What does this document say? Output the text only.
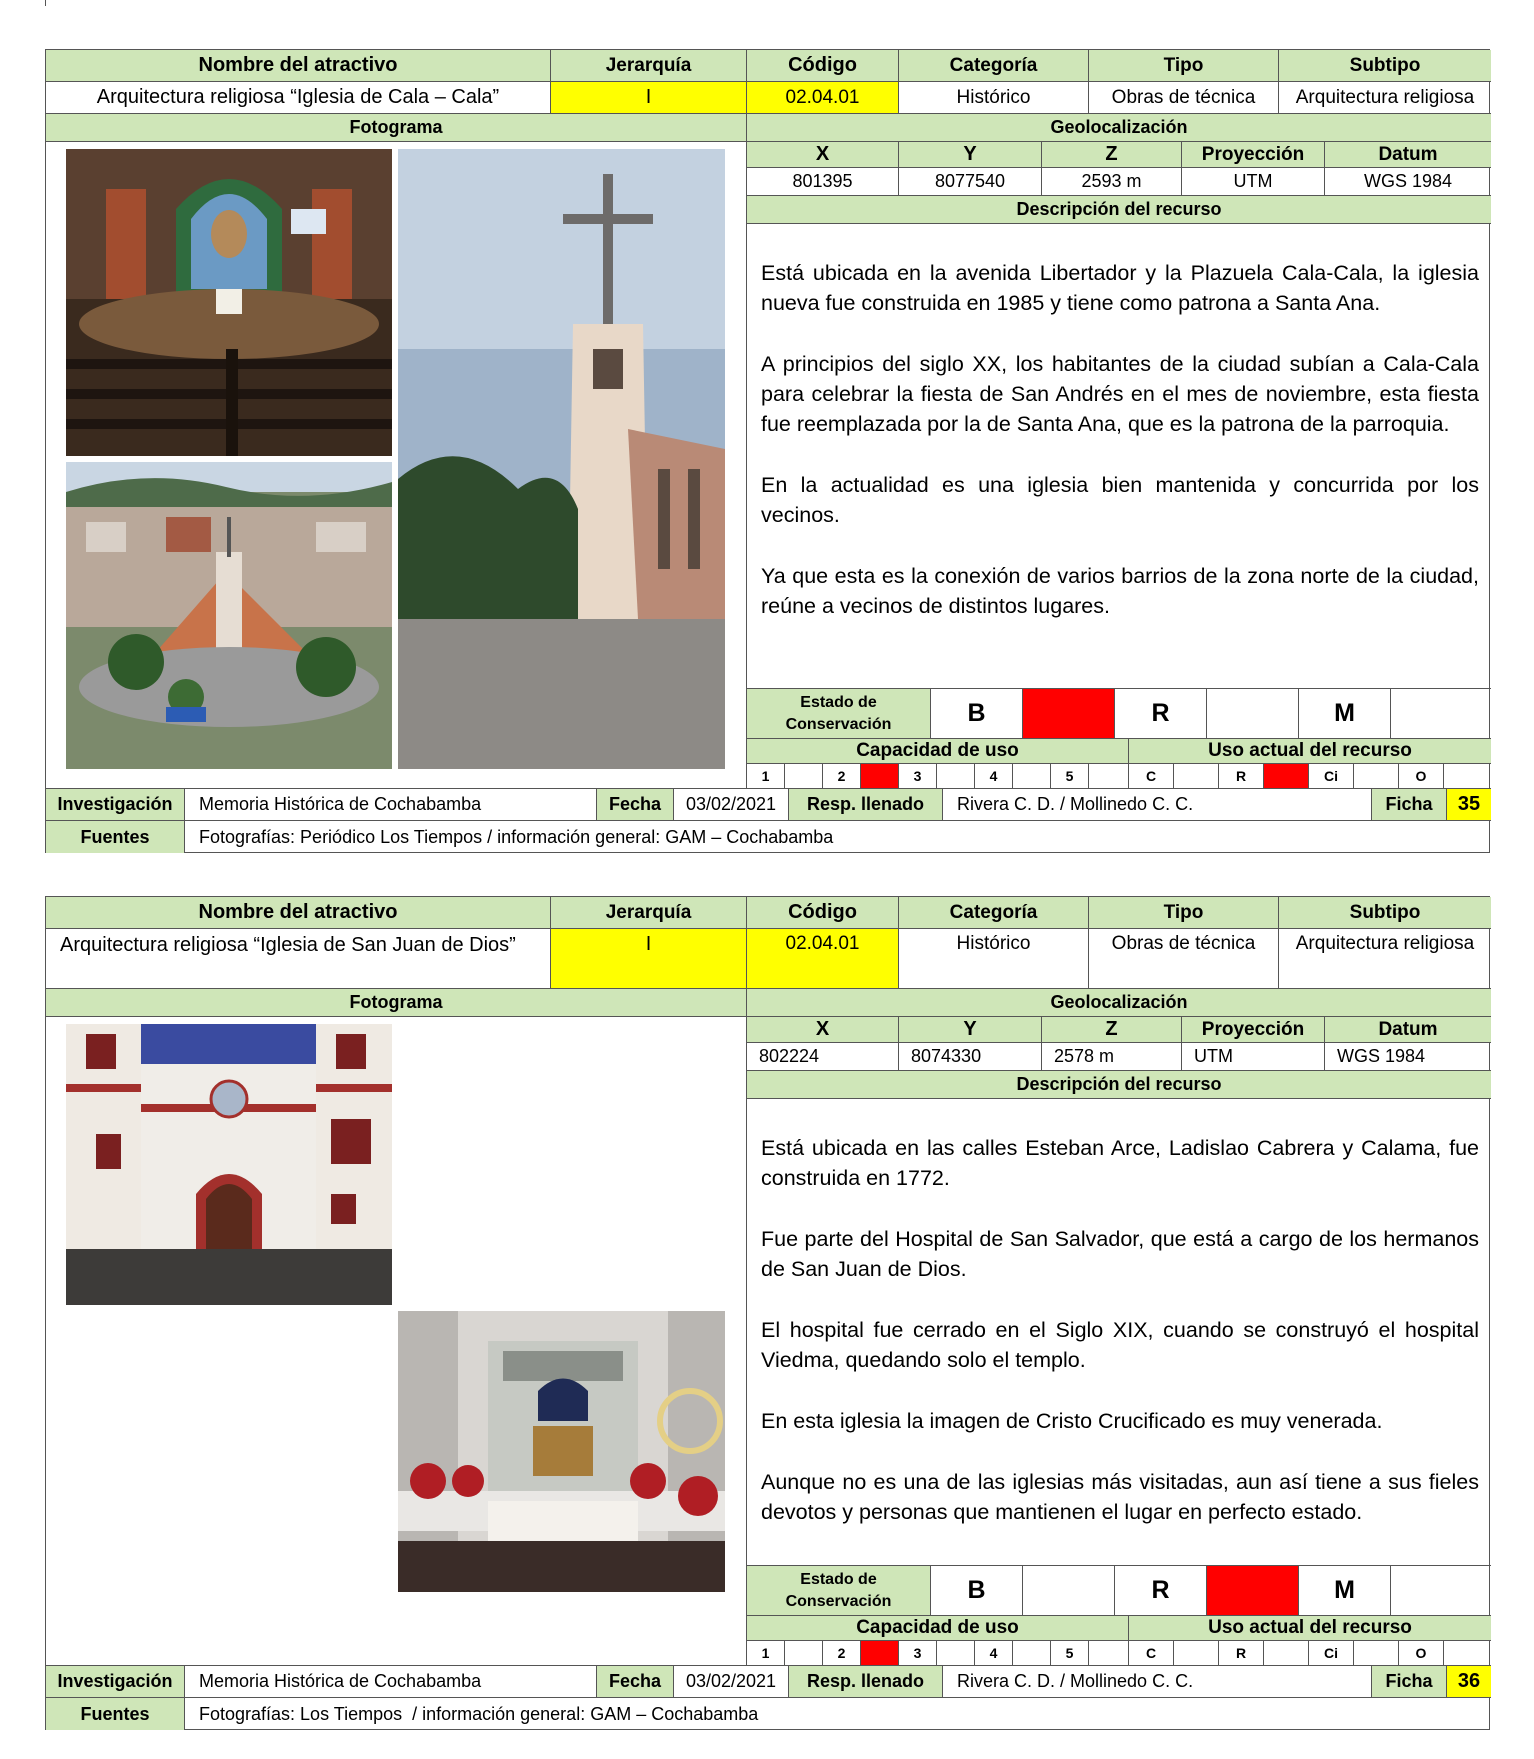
Nombre del atractivo	Jerarquía	Código	Categoría	Tipo	Subtipo
Arquitectura religiosa “Iglesia de Cala – Cala”	I	02.04.01	Histórico	Obras de técnica	Arquitectura religiosa
Fotograma	Geolocalización
X	Y	Z	Proyección	Datum
801395	8077540	2593 m	UTM	WGS 1984
Descripción del recurso

Está ubicada en la avenida Libertador y la Plazuela Cala-Cala, la iglesia nueva fue construida en 1985 y tiene como patrona a Santa Ana.

A principios del siglo XX, los habitantes de la ciudad subían a Cala-Cala para celebrar la fiesta de San Andrés en el mes de noviembre, esta fiesta fue reemplazada por la de Santa Ana, que es la patrona de la parroquia.

En la actualidad es una iglesia bien mantenida y concurrida por los vecinos.

Ya que esta es la conexión de varios barrios de la zona norte de la ciudad, reúne a vecinos de distintos lugares.

Estado de Conservación	B	R	M
Capacidad de uso	Uso actual del recurso
1	2	3	4	5	C	R	Ci	O
Investigación	Memoria Histórica de Cochabamba	Fecha	03/02/2021	Resp. llenado	Rivera C. D. / Mollinedo C. C.	Ficha	35
Fuentes	Fotografías: Periódico Los Tiempos / información general: GAM – Cochabamba
Nombre del atractivo	Jerarquía	Código	Categoría	Tipo	Subtipo
Arquitectura religiosa “Iglesia de San Juan de Dios”	I	02.04.01	Histórico	Obras de técnica	Arquitectura religiosa
Fotograma	Geolocalización
X	Y	Z	Proyección	Datum
802224	8074330	2578 m	UTM	WGS 1984
Descripción del recurso

Está ubicada en las calles Esteban Arce, Ladislao Cabrera y Calama, fue construida en 1772.

Fue parte del Hospital de San Salvador, que está a cargo de los hermanos de San Juan de Dios.

El hospital fue cerrado en el Siglo XIX, cuando se construyó el hospital Viedma, quedando solo el templo.

En esta iglesia la imagen de Cristo Crucificado es muy venerada.

Aunque no es una de las iglesias más visitadas, aun así tiene a sus fieles devotos y personas que mantienen el lugar en perfecto estado.

Estado de Conservación	B	R	M
Capacidad de uso	Uso actual del recurso
1	2	3	4	5	C	R	Ci	O
Investigación	Memoria Histórica de Cochabamba	Fecha	03/02/2021	Resp. llenado	Rivera C. D. / Mollinedo C. C.	Ficha	36
Fuentes	Fotografías: Los Tiempos  / información general: GAM – Cochabamba
